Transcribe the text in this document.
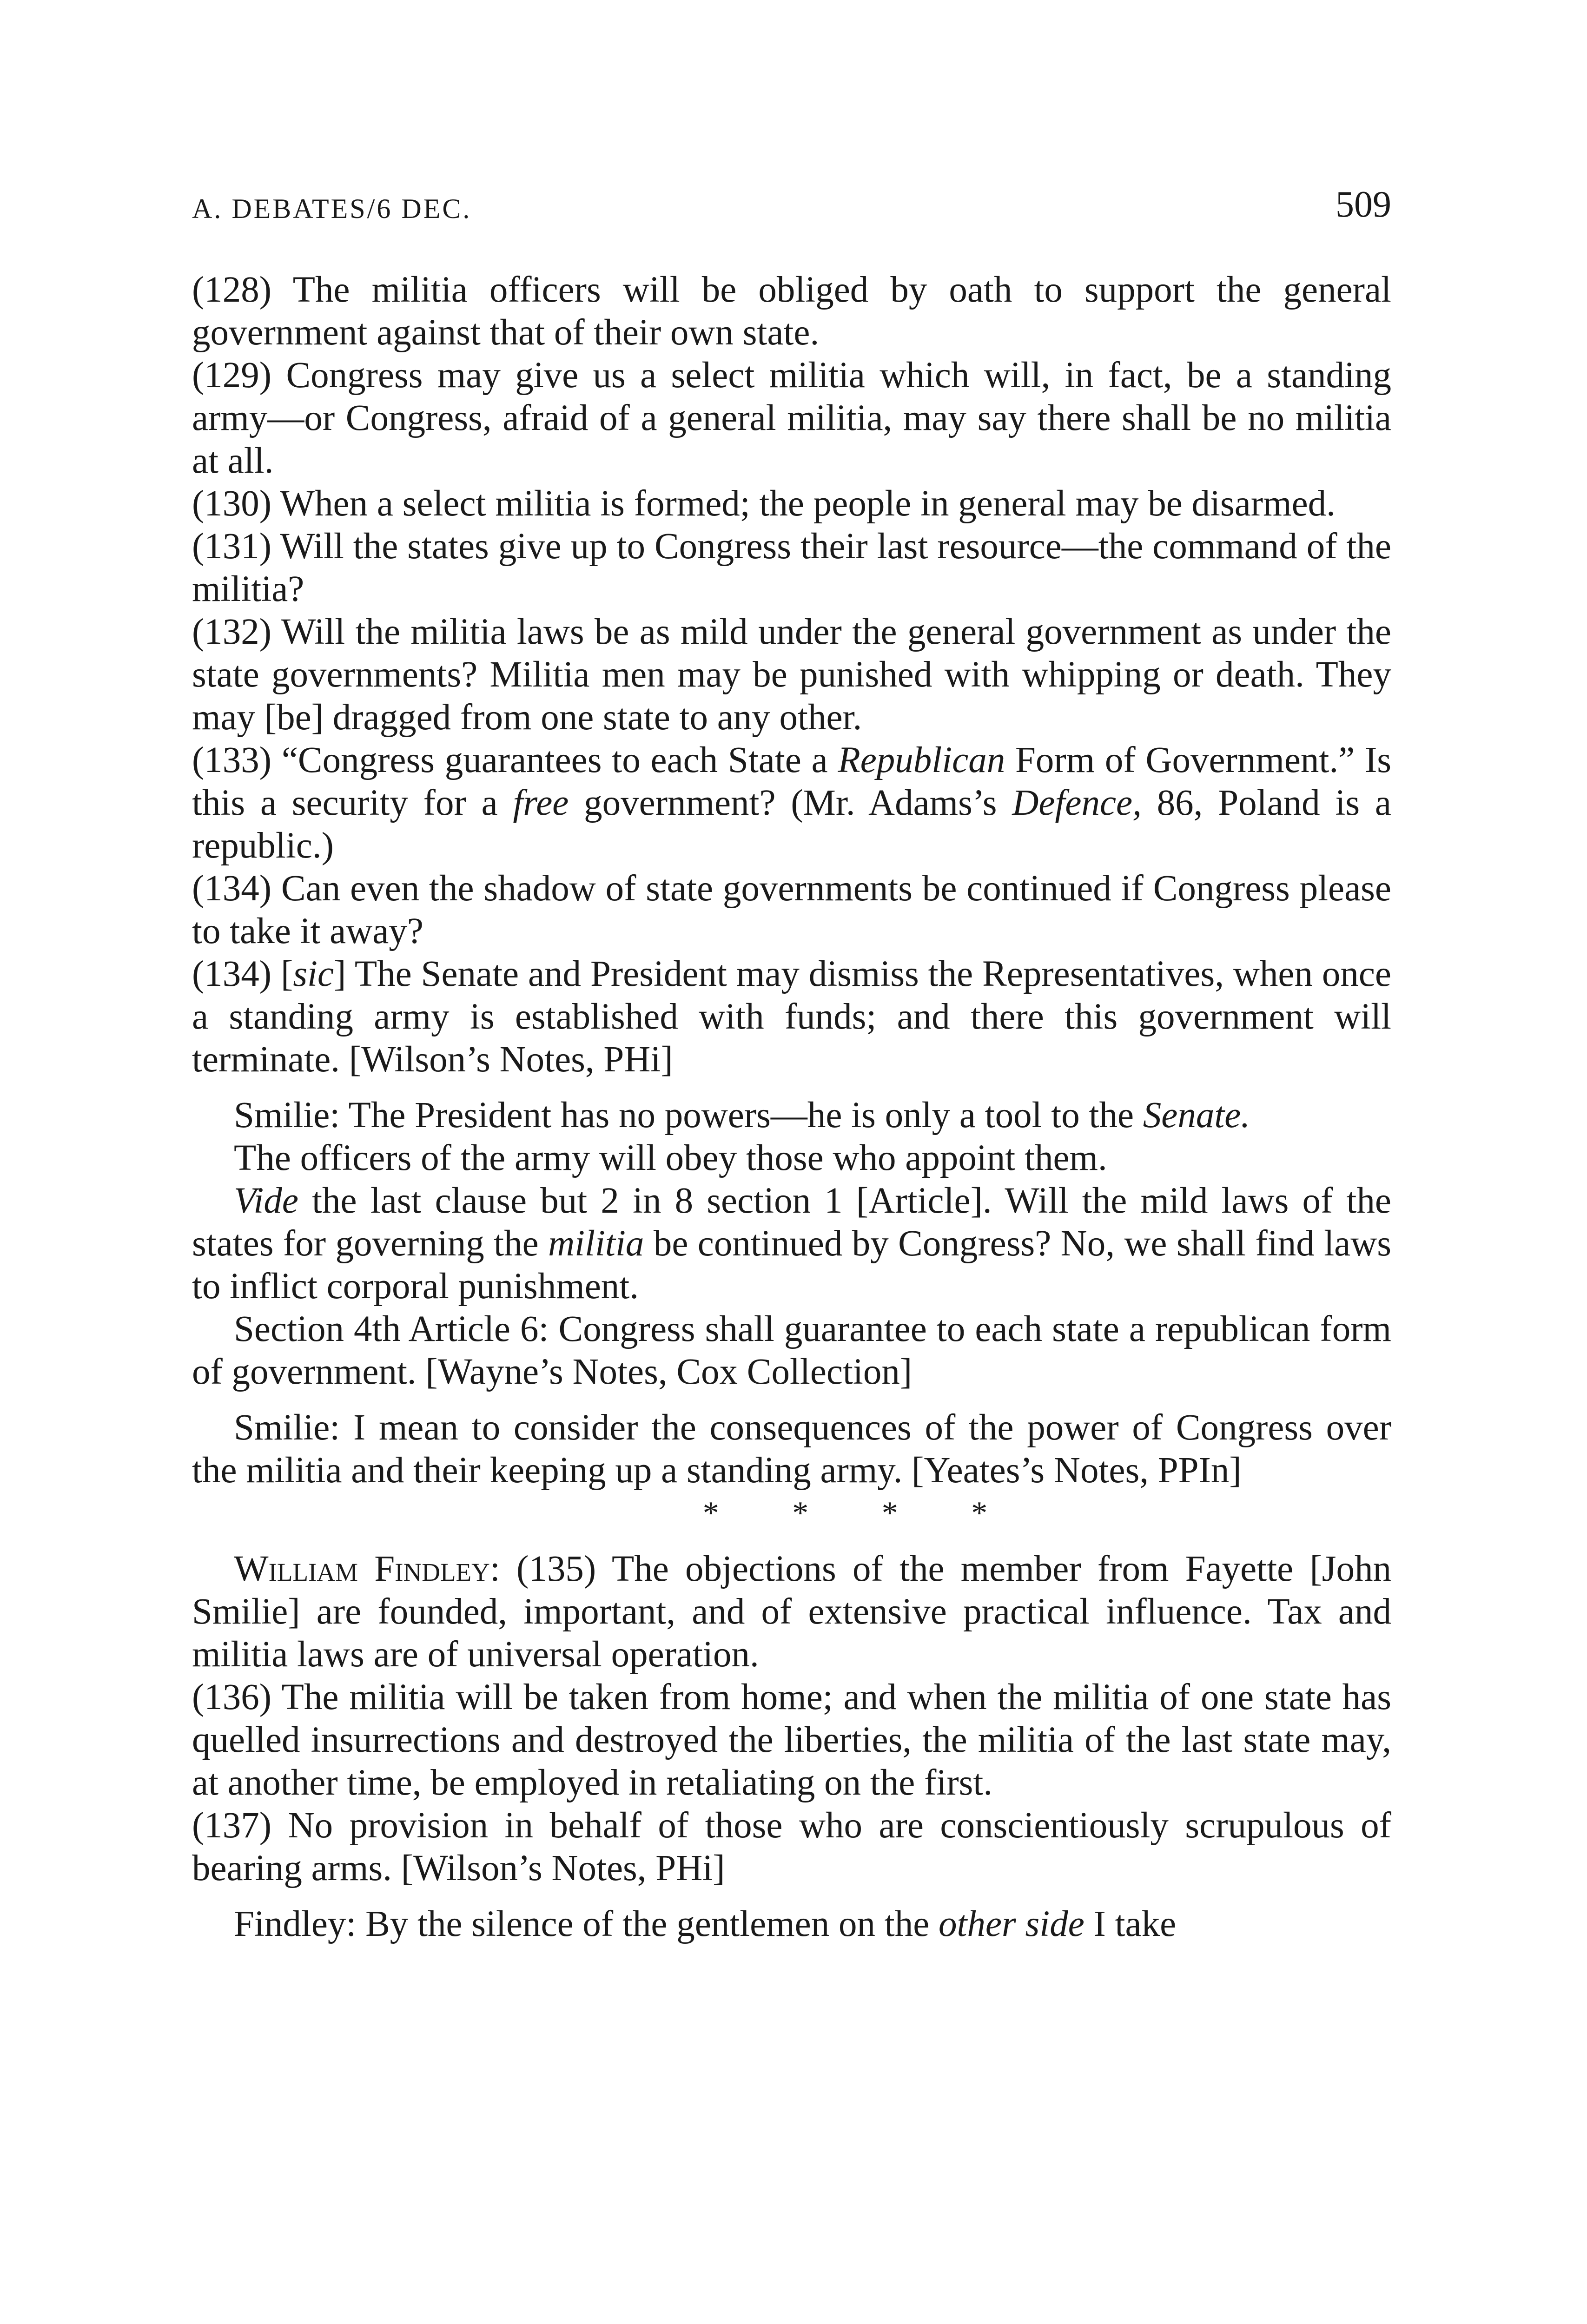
A. DEBATES/6 DEC.	509

(128) The militia officers will be obliged by oath to support the general government against that of their own state.

(129) Congress may give us a select militia which will, in fact, be a standing army—or Congress, afraid of a general militia, may say there shall be no militia at all.

(130) When a select militia is formed; the people in general may be disarmed.

(131) Will the states give up to Congress their last resource—the command of the militia?

(132) Will the militia laws be as mild under the general government as under the state governments? Militia men may be punished with whipping or death. They may [be] dragged from one state to any other.

(133) “Congress guarantees to each State a Republican Form of Government.” Is this a security for a free government? (Mr. Adams’s Defence, 86, Poland is a republic.)

(134) Can even the shadow of state governments be continued if Congress please to take it away?

(134) [sic] The Senate and President may dismiss the Representatives, when once a standing army is established with funds; and there this government will terminate. [Wilson’s Notes, PHi]

Smilie: The President has no powers—he is only a tool to the Senate.

The officers of the army will obey those who appoint them.

Vide the last clause but 2 in 8 section 1 [Article]. Will the mild laws of the states for governing the militia be continued by Congress? No, we shall find laws to inflict corporal punishment.

Section 4th Article 6: Congress shall guarantee to each state a republican form of government. [Wayne’s Notes, Cox Collection]

Smilie: I mean to consider the consequences of the power of Congress over the militia and their keeping up a standing army. [Yeates’s Notes, PPIn]

* * * *

William Findley: (135) The objections of the member from Fayette [John Smilie] are founded, important, and of extensive practical influence. Tax and militia laws are of universal operation.

(136) The militia will be taken from home; and when the militia of one state has quelled insurrections and destroyed the liberties, the militia of the last state may, at another time, be employed in retaliating on the first.

(137) No provision in behalf of those who are conscientiously scrupulous of bearing arms. [Wilson’s Notes, PHi]

Findley: By the silence of the gentlemen on the other side I take
